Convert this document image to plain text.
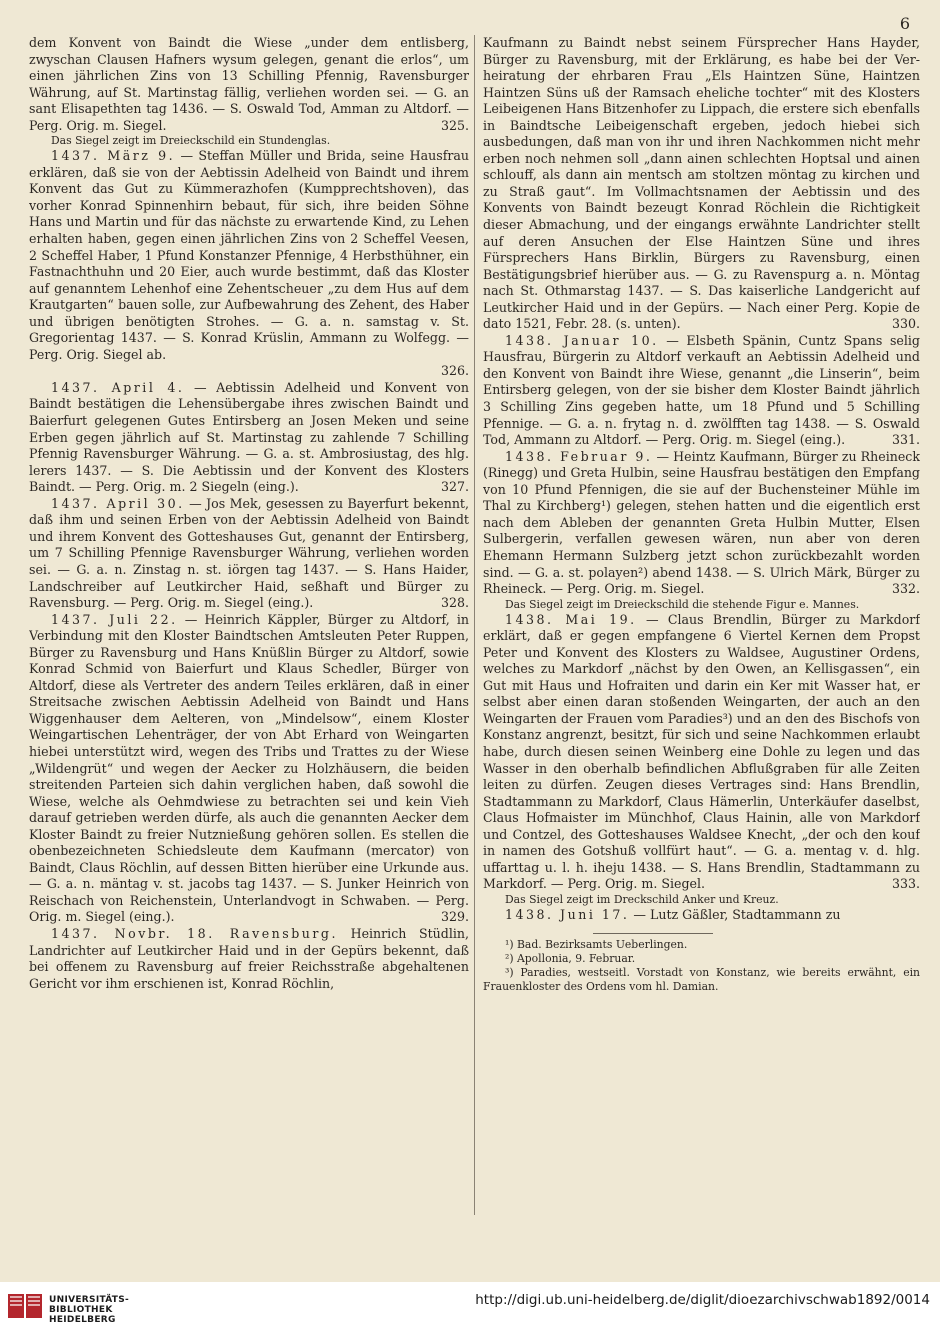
6

dem Konvent von Baindt die Wiese „under dem entlisberg, zwyschan Clausen Hafners wysum gelegen, genant die erlos“, um einen jährlichen Zins von 13 Schilling Pfennig, Ravensburger Währung, auf St. Martinstag fällig, verliehen worden sei. — G. an sant Elisapethten tag 1436. — S. Oswald Tod, Amman zu Altdorf. — Perg. Orig. m. Siegel.	325.

Das Siegel zeigt im Dreieckschild ein Stundenglas.

1437. März 9. — Steffan Müller und Brida, seine Hausfrau erklären, daß sie von der Aebtissin Adelheid von Baindt und ihrem Konvent das Gut zu Kümmerazhofen (Kumpprechtshoven), das vorher Konrad Spinnenhirn bebaut, für sich, ihre beiden Söhne Hans und Martin und für das nächste zu erwartende Kind, zu Lehen erhalten haben, gegen einen jährlichen Zins von 2 Scheffel Veesen, 2 Scheffel Haber, 1 Pfund Konstanzer Pfennige, 4 Herbsthühner, ein Fastnachthuhn und 20 Eier, auch wurde bestimmt, daß das Kloster auf genanntem Lehenhof eine Zehentscheuer „zu dem Hus auf dem Krautgarten“ bauen solle, zur Aufbewahrung des Zehent, des Haber und übrigen benötigten Strohes. — G. a. n. samstag v. St. Gregorientag 1437. — S. Konrad Krüslin, Ammann zu Wolfegg. — Perg. Orig. Siegel ab.
326.

1437. April 4. — Aebtissin Adelheid und Konvent von Baindt bestätigen die Lehensübergabe ihres zwischen Baindt und Baierfurt gelegenen Gutes Entirsberg an Josen Meken und seine Erben gegen jährlich auf St. Martinstag zu zahlende 7 Schilling Pfennig Ravensburger Währung. — G. a. st. Ambrosiustag, des hlg. lerers 1437. — S. Die Aebtissin und der Konvent des Klosters Baindt. — Perg. Orig. m. 2 Siegeln (eing.).	327.

1437. April 30. — Jos Mek, gesessen zu Bayerfurt bekennt, daß ihm und seinen Erben von der Aebtissin Adelheid von Baindt und ihrem Konvent des Gotteshauses Gut, genannt der Entirsberg, um 7 Schilling Pfennige Ravensburger Währung, verliehen worden sei. — G. a. n. Zinstag n. st. iörgen tag 1437. — S. Hans Haider, Landschreiber auf Leutkircher Haid, seßhaft und Bürger zu Ravensburg. — Perg. Orig. m. Siegel (eing.).	328.

1437. Juli 22. — Heinrich Käppler, Bürger zu Altdorf, in Verbindung mit den Kloster Baindtschen Amtsleuten Peter Ruppen, Bürger zu Ravensburg und Hans Knüßlin Bürger zu Altdorf, sowie Konrad Schmid von Baierfurt und Klaus Schedler, Bürger von Altdorf, diese als Vertreter des andern Teiles erklären, daß in einer Streitsache zwischen Aebtissin Adelheid von Baindt und Hans Wiggenhauser dem Aelteren, von „Mindelsow“, einem Kloster Weingartischen Lehenträger, der von Abt Erhard von Weingarten hiebei unterstützt wird, wegen des Tribs und Trattes zu der Wiese „Wildengrüt“ und wegen der Aecker zu Holzhäusern, die beiden streitenden Parteien sich dahin verglichen haben, daß sowohl die Wiese, welche als Oehmdwiese zu betrachten sei und kein Vieh darauf getrieben werden dürfe, als auch die genannten Aecker dem Kloster Baindt zu freier Nutznießung gehören sollen. Es stellen die obenbezeichneten Schiedsleute dem Kaufmann (mercator) von Baindt, Claus Röchlin, auf dessen Bitten hierüber eine Urkunde aus. — G. a. n. mäntag v. st. jacobs tag 1437. — S. Junker Heinrich von Reischach von Reichenstein, Unterlandvogt in Schwaben. — Perg. Orig. m. Siegel (eing.).	329.

1437. Novbr. 18. Ravensburg. Heinrich Stüdlin, Landrichter auf Leutkircher Haid und in der Gepürs bekennt, daß bei offenem zu Ravensburg auf freier Reichsstraße abgehaltenen Gericht vor ihm erschienen ist, Konrad Röchlin,

Kaufmann zu Baindt nebst seinem Fürsprecher Hans Hayder, Bürger zu Ravensburg, mit der Erklärung, es habe bei der Verheiratung der ehrbaren Frau „Els Haintzen Süne, Haintzen Haintzen Süns uß der Ramsach eheliche tochter“ mit des Klosters Leibeigenen Hans Bitzenhofer zu Lippach, die erstere sich ebenfalls in Baindtsche Leibeigenschaft ergeben, jedoch hiebei sich ausbedungen, daß man von ihr und ihren Nachkommen nicht mehr erben noch nehmen soll „dann ainen schlechten Hoptsal und ainen schlouff, als dann ain mentsch am stoltzen möntag zu kirchen und zu Straß gaut“. Im Vollmachtsnamen der Aebtissin und des Konvents von Baindt bezeugt Konrad Röchlein die Richtigkeit dieser Abmachung, und der eingangs erwähnte Landrichter stellt auf deren Ansuchen der Else Haintzen Süne und ihres Fürsprechers Hans Birklin, Bürgers zu Ravensburg, einen Bestätigungsbrief hierüber aus. — G. zu Ravenspurg a. n. Möntag nach St. Othmarstag 1437. — S. Das kaiserliche Landgericht auf Leutkircher Haid und in der Gepürs. — Nach einer Perg. Kopie de dato 1521, Febr. 28. (s. unten).	330.

1438. Januar 10. — Elsbeth Spänin, Cuntz Spans selig Hausfrau, Bürgerin zu Altdorf verkauft an Aebtissin Adelheid und den Konvent von Baindt ihre Wiese, genannt „die Linserin“, beim Entirsberg gelegen, von der sie bisher dem Kloster Baindt jährlich 3 Schilling Zins gegeben hatte, um 18 Pfund und 5 Schilling Pfennige. — G. a. n. frytag n. d. zwölfften tag 1438. — S. Oswald Tod, Ammann zu Altdorf. — Perg. Orig. m. Siegel (eing.).	331.

1438. Februar 9. — Heintz Kaufmann, Bürger zu Rheineck (Rinegg) und Greta Hulbin, seine Hausfrau bestätigen den Empfang von 10 Pfund Pfennigen, die sie auf der Buchensteiner Mühle im Thal zu Kirchberg¹) gelegen, stehen hatten und die eigentlich erst nach dem Ableben der genannten Greta Hulbin Mutter, Elsen Sulbergerin, verfallen gewesen wären, nun aber von deren Ehemann Hermann Sulzberg jetzt schon zurückbezahlt worden sind. — G. a. st. polayen²) abend 1438. — S. Ulrich Märk, Bürger zu Rheineck. — Perg. Orig. m. Siegel.	332.

Das Siegel zeigt im Dreieckschild die stehende Figur e. Mannes.

1438. Mai 19. — Claus Brendlin, Bürger zu Markdorf erklärt, daß er gegen empfangene 6 Viertel Kernen dem Propst Peter und Konvent des Klosters zu Waldsee, Augustiner Ordens, welches zu Markdorf „nächst by den Owen, an Kellisgassen“, ein Gut mit Haus und Hofraiten und darin ein Ker mit Wasser hat, er selbst aber einen daran stoßenden Weingarten, der auch an den Weingarten der Frauen vom Paradies³) und an den des Bischofs von Konstanz angrenzt, besitzt, für sich und seine Nachkommen erlaubt habe, durch diesen seinen Weinberg eine Dohle zu legen und das Wasser in den oberhalb befindlichen Abflußgraben für alle Zeiten leiten zu dürfen. Zeugen dieses Vertrages sind: Hans Brendlin, Stadtammann zu Markdorf, Claus Hämerlin, Unterkäufer daselbst, Claus Hofmaister im Münchhof, Claus Hainin, alle von Markdorf und Contzel, des Gotteshauses Waldsee Knecht, „der och den kouf in namen des Gotshuß vollfürt haut“. — G. a. mentag v. d. hlg. uffarttag u. l. h. iheju 1438. — S. Hans Brendlin, Stadtammann zu Markdorf. — Perg. Orig. m. Siegel.	333.

Das Siegel zeigt im Dreckschild Anker und Kreuz.

1438. Juni 17. — Lutz Gäßler, Stadtammann zu

¹) Bad. Bezirksamts Ueberlingen.

²) Apollonia, 9. Februar.

³) Paradies, westseitl. Vorstadt von Konstanz, wie bereits erwähnt, ein Frauenkloster des Ordens vom hl. Damian.

UNIVERSITÄTS-
BIBLIOTHEK
HEIDELBERG
http://digi.ub.uni-heidelberg.de/diglit/dioezarchivschwab1892/0014
